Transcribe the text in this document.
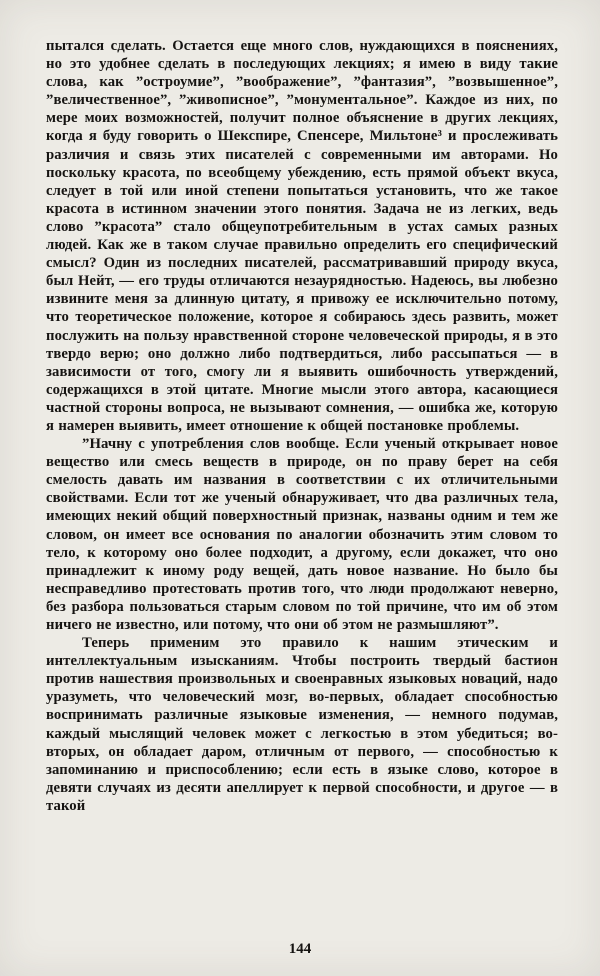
пытался сделать. Остается еще много слов, нуждающихся в пояснениях, но это удобнее сделать в последующих лекциях; я имею в виду такие слова, как ”остроумие”, ”воображение”, ”фантазия”, ”возвышенное”, ”величественное”, ”живописное”, ”монументальное”. Каждое из них, по мере моих возможностей, получит полное объяснение в других лекциях, когда я буду говорить о Шекспире, Спенсере, Мильтоне³ и прослеживать различия и связь этих писателей с современными им авторами. Но поскольку красота, по всеобщему убеждению, есть прямой объект вкуса, следует в той или иной степени попытаться установить, что же такое красота в истинном значении этого понятия. Задача не из легких, ведь слово ”красота” стало общеупотребительным в устах самых разных людей. Как же в таком случае правильно определить его специфический смысл? Один из последних писателей, рассматривавший природу вкуса, был Нейт, — его труды отличаются незаурядностью. Надеюсь, вы любезно извините меня за длинную цитату, я привожу ее исключительно потому, что теоретическое положение, которое я собираюсь здесь развить, может послужить на пользу нравственной стороне человеческой природы, я в это твердо верю; оно должно либо подтвердиться, либо рассыпаться — в зависимости от того, смогу ли я выявить ошибочность утверждений, содержащихся в этой цитате. Многие мысли этого автора, касающиеся частной стороны вопроса, не вызывают сомнения, — ошибка же, которую я намерен выявить, имеет отношение к общей постановке проблемы.

”Начну с употребления слов вообще. Если ученый открывает новое вещество или смесь веществ в природе, он по праву берет на себя смелость давать им названия в соответствии с их отличительными свойствами. Если тот же ученый обнаруживает, что два различных тела, имеющих некий общий поверхностный признак, названы одним и тем же словом, он имеет все основания по аналогии обозначить этим словом то тело, к которому оно более подходит, а другому, если докажет, что оно принадлежит к иному роду вещей, дать новое название. Но было бы несправедливо протестовать против того, что люди продолжают неверно, без разбора пользоваться старым словом по той причине, что им об этом ничего не известно, или потому, что они об этом не размышляют”.

Теперь применим это правило к нашим этическим и интеллектуальным изысканиям. Чтобы построить твердый бастион против нашествия произвольных и своенравных языковых новаций, надо уразуметь, что человеческий мозг, во-первых, обладает способностью воспринимать различные языковые изменения, — немного подумав, каждый мыслящий человек может с легкостью в этом убедиться; во-вторых, он обладает даром, отличным от первого, — способностью к запоминанию и приспособлению; если есть в языке слово, которое в девяти случаях из десяти апеллирует к первой способности, и другое — в такой

144
